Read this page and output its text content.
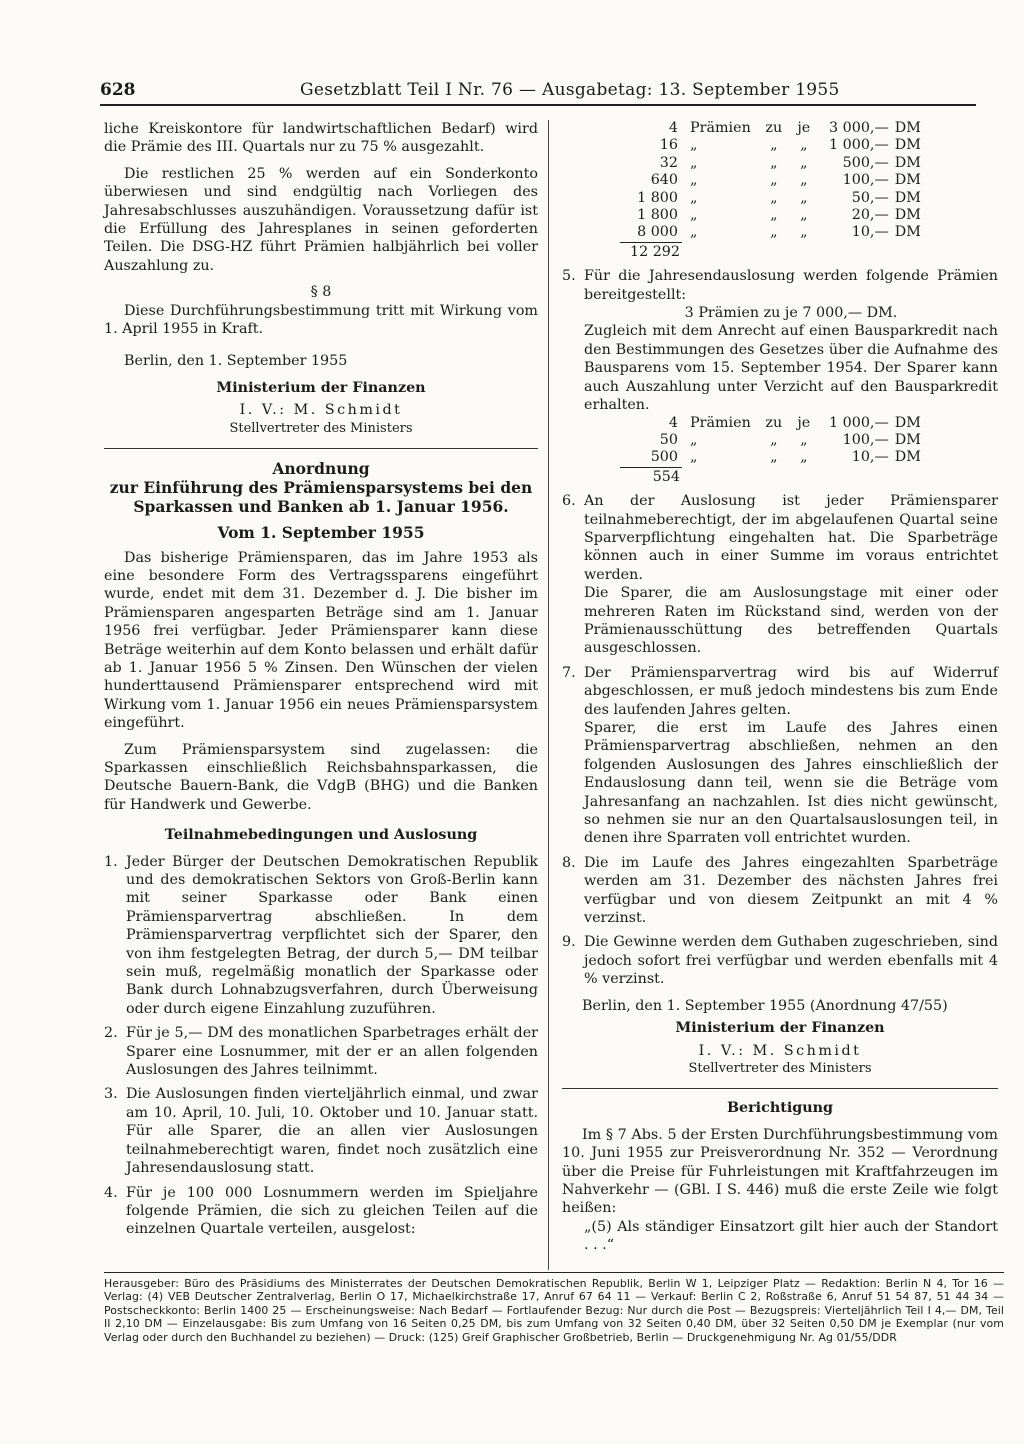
628	Gesetzblatt Teil I Nr. 76 — Ausgabetag: 13. September 1955

liche Kreiskontore für landwirtschaftlichen Bedarf) wird die Prämie des III. Quartals nur zu 75 % ausgezahlt.

Die restlichen 25 % werden auf ein Sonderkonto überwiesen und sind endgültig nach Vorliegen des Jahresabschlusses auszuhändigen. Voraussetzung dafür ist die Erfüllung des Jahresplanes in seinen geforderten Teilen. Die DSG-HZ führt Prämien halbjährlich bei voller Auszahlung zu.

§ 8

Diese Durchführungsbestimmung tritt mit Wirkung vom 1. April 1955 in Kraft.

Berlin, den 1. September 1955

Ministerium der Finanzen

I. V.: M. Schmidt

Stellvertreter des Ministers

Anordnung

zur Einführung des Prämiensparsystems bei den Sparkassen und Banken ab 1. Januar 1956.

Vom 1. September 1955

Das bisherige Prämiensparen, das im Jahre 1953 als eine besondere Form des Vertragssparens eingeführt wurde, endet mit dem 31. Dezember d. J. Die bisher im Prämiensparen angesparten Beträge sind am 1. Januar 1956 frei verfügbar. Jeder Prämiensparer kann diese Beträge weiterhin auf dem Konto belassen und erhält dafür ab 1. Januar 1956 5 % Zinsen. Den Wünschen der vielen hunderttausend Prämiensparer entsprechend wird mit Wirkung vom 1. Januar 1956 ein neues Prämiensparsystem eingeführt.

Zum Prämiensparsystem sind zugelassen: die Sparkassen einschließlich Reichsbahnsparkassen, die Deutsche Bauern-Bank, die VdgB (BHG) und die Banken für Handwerk und Gewerbe.

Teilnahmebedingungen und Auslosung

1. Jeder Bürger der Deutschen Demokratischen Republik und des demokratischen Sektors von Groß-Berlin kann mit seiner Sparkasse oder Bank einen Prämiensparvertrag abschließen. In dem Prämiensparvertrag verpflichtet sich der Sparer, den von ihm festgelegten Betrag, der durch 5,— DM teilbar sein muß, regelmäßig monatlich der Sparkasse oder Bank durch Lohnabzugsverfahren, durch Überweisung oder durch eigene Einzahlung zuzuführen.

2. Für je 5,— DM des monatlichen Sparbetrages erhält der Sparer eine Losnummer, mit der er an allen folgenden Auslosungen des Jahres teilnimmt.

3. Die Auslosungen finden vierteljährlich einmal, und zwar am 10. April, 10. Juli, 10. Oktober und 10. Januar statt. Für alle Sparer, die an allen vier Auslosungen teilnahmeberechtigt waren, findet noch zusätzlich eine Jahresendauslosung statt.

4. Für je 100 000 Losnummern werden im Spieljahre folgende Prämien, die sich zu gleichen Teilen auf die einzelnen Quartale verteilen, ausgelost:

4	Prämien	zu	je	3 000,—	DM
16	„	„	„	1 000,—	DM
32	„	„	„	500,—	DM
640	„	„	„	100,—	DM
1 800	„	„	„	50,—	DM
1 800	„	„	„	20,—	DM
8 000	„	„	„	10,—	DM
12 292
5. Für die Jahresendauslosung werden folgende Prämien bereitgestellt:

3 Prämien zu je 7 000,— DM.

Zugleich mit dem Anrecht auf einen Bausparkredit nach den Bestimmungen des Gesetzes über die Aufnahme des Bausparens vom 15. September 1954. Der Sparer kann auch Auszahlung unter Verzicht auf den Bausparkredit erhalten.

4	Prämien	zu	je	1 000,—	DM
50	„	„	„	100,—	DM
500	„	„	„	10,—	DM
554
6. An der Auslosung ist jeder Prämiensparer teilnahmeberechtigt, der im abgelaufenen Quartal seine Sparverpflichtung eingehalten hat. Die Sparbeträge können auch in einer Summe im voraus entrichtet werden.

Die Sparer, die am Auslosungstage mit einer oder mehreren Raten im Rückstand sind, werden von der Prämienausschüttung des betreffenden Quartals ausgeschlossen.

7. Der Prämiensparvertrag wird bis auf Widerruf abgeschlossen, er muß jedoch mindestens bis zum Ende des laufenden Jahres gelten.

Sparer, die erst im Laufe des Jahres einen Prämiensparvertrag abschließen, nehmen an den folgenden Auslosungen des Jahres einschließlich der Endauslosung dann teil, wenn sie die Beträge vom Jahresanfang an nachzahlen. Ist dies nicht gewünscht, so nehmen sie nur an den Quartalsauslosungen teil, in denen ihre Sparraten voll entrichtet wurden.

8. Die im Laufe des Jahres eingezahlten Sparbeträge werden am 31. Dezember des nächsten Jahres frei verfügbar und von diesem Zeitpunkt an mit 4 % verzinst.

9. Die Gewinne werden dem Guthaben zugeschrieben, sind jedoch sofort frei verfügbar und werden ebenfalls mit 4 % verzinst.

Berlin, den 1. September 1955 (Anordnung 47/55)

Ministerium der Finanzen

I. V.: M. Schmidt

Stellvertreter des Ministers

Berichtigung

Im § 7 Abs. 5 der Ersten Durchführungsbestimmung vom 10. Juni 1955 zur Preisverordnung Nr. 352 — Verordnung über die Preise für Fuhrleistungen mit Kraftfahrzeugen im Nahverkehr — (GBl. I S. 446) muß die erste Zeile wie folgt heißen:

„(5) Als ständiger Einsatzort gilt hier auch der Standort . . .“

Herausgeber: Büro des Präsidiums des Ministerrates der Deutschen Demokratischen Republik, Berlin W 1, Leipziger Platz — Redaktion: Berlin N 4, Tor 16 — Verlag: (4) VEB Deutscher Zentralverlag, Berlin O 17, Michaelkirchstraße 17, Anruf 67 64 11 — Verkauf: Berlin C 2, Roßstraße 6, Anruf 51 54 87, 51 44 34 — Postscheckkonto: Berlin 1400 25 — Erscheinungsweise: Nach Bedarf — Fortlaufender Bezug: Nur durch die Post — Bezugspreis: Vierteljährlich Teil I 4,— DM, Teil II 2,10 DM — Einzelausgabe: Bis zum Umfang von 16 Seiten 0,25 DM, bis zum Umfang von 32 Seiten 0,40 DM, über 32 Seiten 0,50 DM je Exemplar (nur vom Verlag oder durch den Buchhandel zu beziehen) — Druck: (125) Greif Graphischer Großbetrieb, Berlin — Druckgenehmigung Nr. Ag 01/55/DDR
